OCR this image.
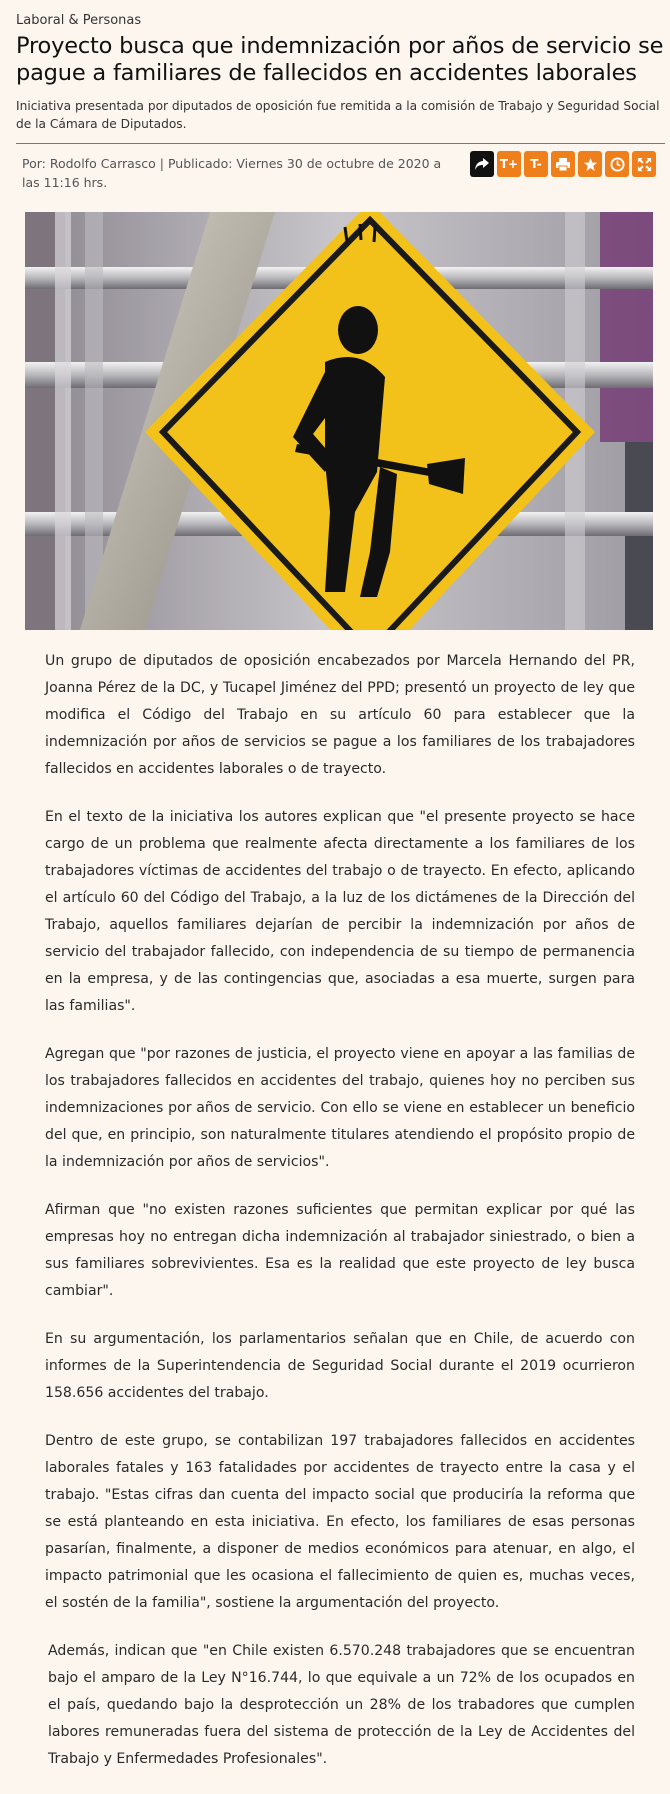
Laboral & Personas
Proyecto busca que indemnización por años de servicio se pague a familiares de fallecidos en accidentes laborales
Iniciativa presentada por diputados de oposición fue remitida a la comisión de Trabajo y Seguridad Social de la Cámara de Diputados.
Por: Rodolfo Carrasco | Publicado: Viernes 30 de octubre de 2020 a las 11:16 hrs.
T+	T-

Un grupo de diputados de oposición encabezados por Marcela Hernando del PR, Joanna Pérez de la DC, y Tucapel Jiménez del PPD; presentó un proyecto de ley que modifica el Código del Trabajo en su artículo 60 para establecer que la indemnización por años de servicios se pague a los familiares de los trabajadores fallecidos en accidentes laborales o de trayecto.

En el texto de la iniciativa los autores explican que "el presente proyecto se hace cargo de un problema que realmente afecta directamente a los familiares de los trabajadores víctimas de accidentes del trabajo o de trayecto. En efecto, aplicando el artículo 60 del Código del Trabajo, a la luz de los dictámenes de la Dirección del Trabajo, aquellos familiares dejarían de percibir la indemnización por años de servicio del trabajador fallecido, con independencia de su tiempo de permanencia en la empresa, y de las contingencias que, asociadas a esa muerte, surgen para las familias".

Agregan que "por razones de justicia, el proyecto viene en apoyar a las familias de los trabajadores fallecidos en accidentes del trabajo, quienes hoy no perciben sus indemnizaciones por años de servicio. Con ello se viene en establecer un beneficio del que, en principio, son naturalmente titulares atendiendo el propósito propio de la indemnización por años de servicios".

Afirman que "no existen razones suficientes que permitan explicar por qué las empresas hoy no entregan dicha indemnización al trabajador siniestrado, o bien a sus familiares sobrevivientes. Esa es la realidad que este proyecto de ley busca cambiar".

En su argumentación, los parlamentarios señalan que en Chile, de acuerdo con informes de la Superintendencia de Seguridad Social durante el 2019 ocurrieron 158.656 accidentes del trabajo.

Dentro de este grupo, se contabilizan 197 trabajadores fallecidos en accidentes laborales fatales y 163 fatalidades por accidentes de trayecto entre la casa y el trabajo. "Estas cifras dan cuenta del impacto social que produciría la reforma que se está planteando en esta iniciativa. En efecto, los familiares de esas personas pasarían, finalmente, a disponer de medios económicos para atenuar, en algo, el impacto patrimonial que les ocasiona el fallecimiento de quien es, muchas veces, el sostén de la familia", sostiene la argumentación del proyecto.

Además, indican que "en Chile existen 6.570.248 trabajadores que se encuentran bajo el amparo de la Ley N°16.744, lo que equivale a un 72% de los ocupados en el país, quedando bajo la desprotección un 28% de los trabadores que cumplen labores remuneradas fuera del sistema de protección de la Ley de Accidentes del Trabajo y Enfermedades Profesionales".
